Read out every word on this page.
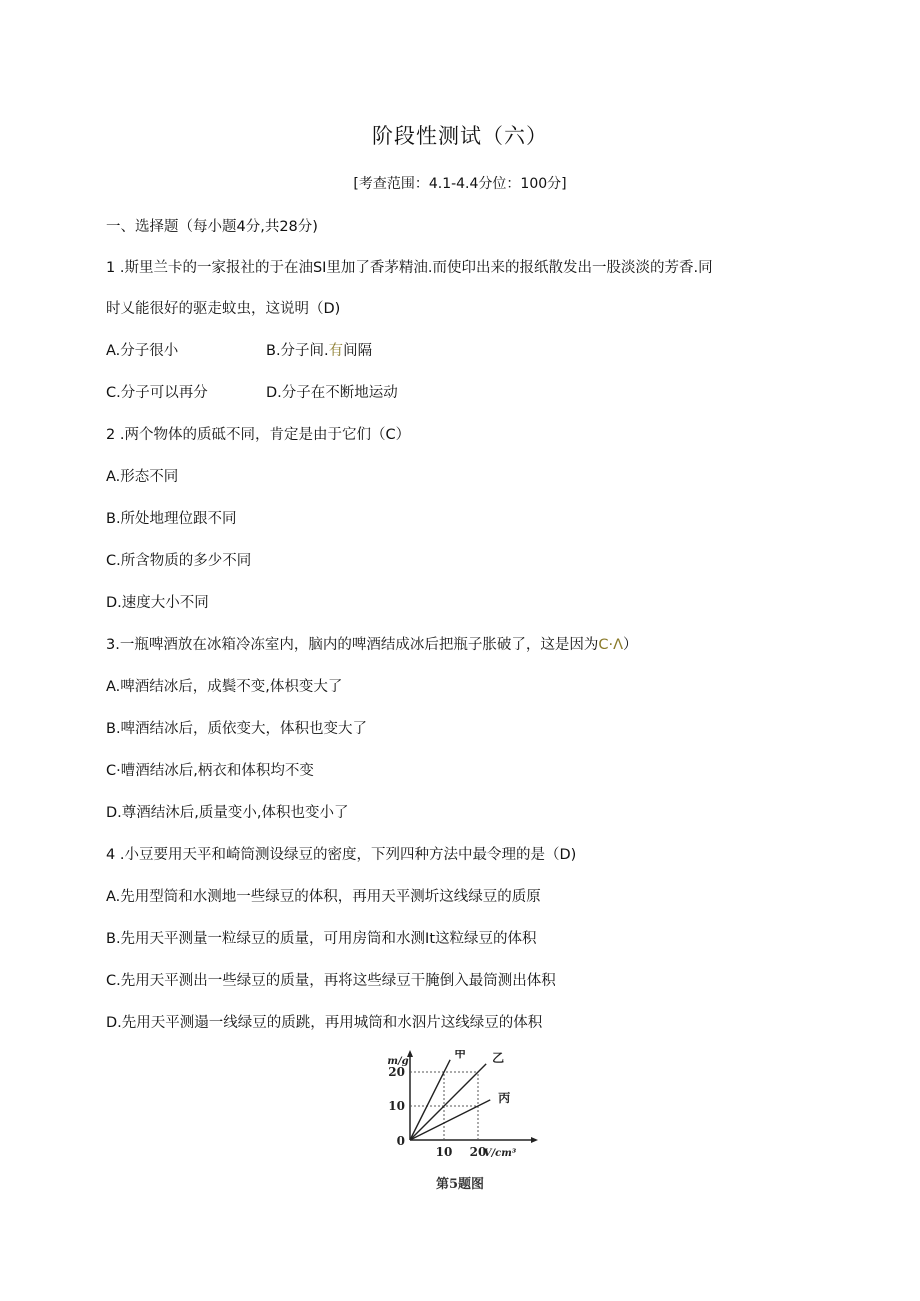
阶段性测试（六）
[考查范围：4.1-4.4分位：100分]
一、选择题（每小题4分,共28分)
1 .斯里兰卡的一家报社的于在油SI里加了香茅精油.而使印出来的报纸散发出一股淡淡的芳香.同
时乂能很好的驱走蚊虫，这说明（D)
A.分子很小	B.分子间.有间隔
C.分子可以再分	D.分子在不断地运动
2 .两个物体的质砥不同，肯定是由于它们（C）
A.形态不同
B.所处地理位跟不同
C.所含物质的多少不同
D.速度大小不同
3.一瓶啤酒放在冰箱冷冻室内，脑内的啤酒结成冰后把瓶子胀破了，这是因为C·Λ）
A.啤酒结冰后，成鬓不变,体枳变大了
B.啤酒结冰后，质依变大，体积也变大了
C·嘈酒结冰后,柄衣和体积均不变
D.尊酒结沐后,质量变小,体积也变小了
4 .小豆要用天平和崎筒测设绿豆的密度，下列四种方法中最令理的是（D)
A.先用型筒和水测地一些绿豆的体积，再用天平测圻这线绿豆的质原
B.先用天平测量一粒绿豆的质量，可用房筒和水测It这粒绿豆的体积
C.先用天平测出一些绿豆的质量，再将这些绿豆干腌倒入最筒测出体积
D.先用天平测遢一线绿豆的质跳，再用城筒和水泅片这线绿豆的体积
10 20
10
20
0
m/g
V/cm³
甲 乙
丙
第5题图
